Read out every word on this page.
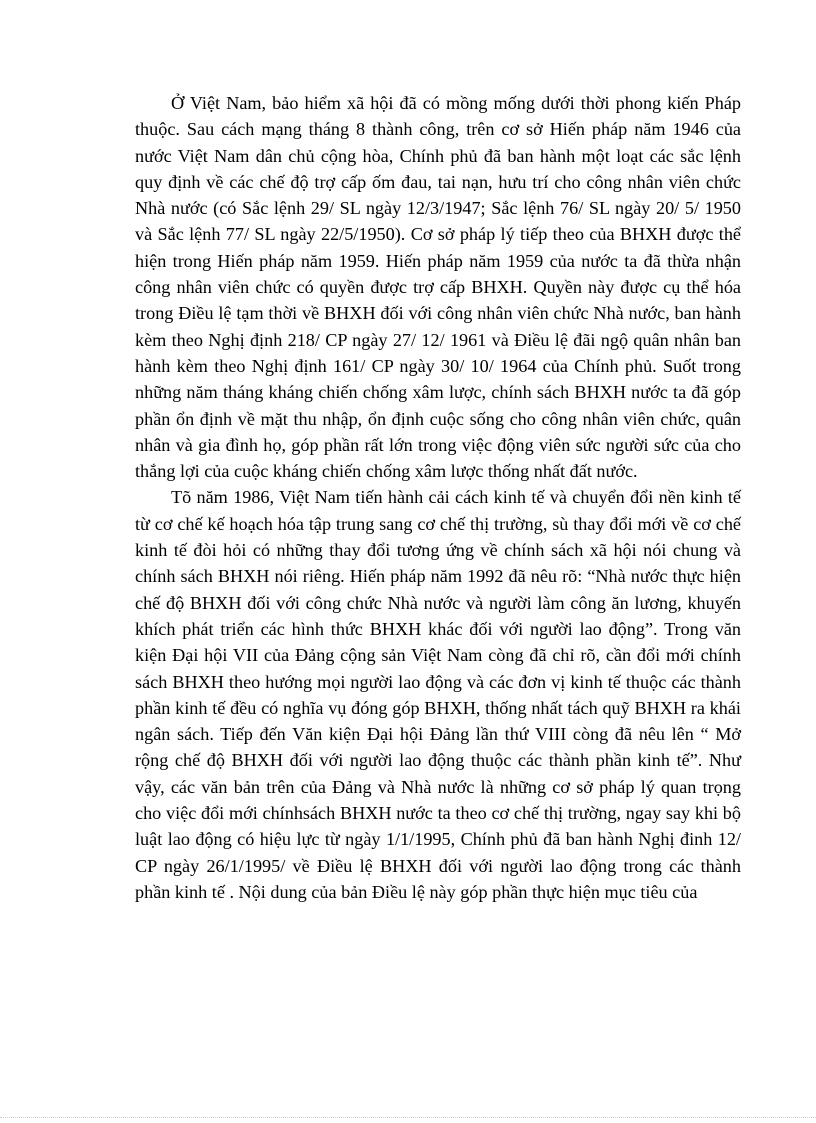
Ở Việt Nam, bảo hiểm xã hội đã có mồng mống dưới thời phong kiến Pháp thuộc. Sau cách mạng tháng 8 thành công, trên cơ sở Hiến pháp năm 1946 của nước Việt Nam dân chủ cộng hòa, Chính phủ đã ban hành một loạt các sắc lệnh quy định về các chế độ trợ cấp ốm đau, tai nạn, hưu trí cho công nhân viên chức Nhà nước (có Sắc lệnh 29/ SL ngày 12/3/1947; Sắc lệnh 76/ SL ngày 20/ 5/ 1950 và Sắc lệnh 77/ SL ngày 22/5/1950). Cơ sở pháp lý tiếp theo của BHXH được thể hiện trong Hiến pháp năm 1959. Hiến pháp năm 1959 của nước ta đã thừa nhận công nhân viên chức có quyền được trợ cấp BHXH. Quyền này được cụ thể hóa trong Điều lệ tạm thời về BHXH đối với công nhân viên chức Nhà nước, ban hành kèm theo Nghị định 218/ CP ngày 27/ 12/ 1961 và Điều lệ đãi ngộ quân nhân ban hành kèm theo Nghị định 161/ CP ngày 30/ 10/ 1964 của Chính phủ. Suốt trong những năm tháng kháng chiến chống xâm lược, chính sách BHXH nước ta đã góp phần ổn định về mặt thu nhập, ổn định cuộc sống cho công nhân viên chức, quân nhân và gia đình họ, góp phần rất lớn trong việc động viên sức người sức của cho thắng lợi của cuộc kháng chiến chống xâm lược thống nhất đất nước.

Tõ năm 1986, Việt Nam tiến hành cải cách kinh tế và chuyển đổi nền kinh tế từ cơ chế kế hoạch hóa tập trung sang cơ chế thị trường, sù thay đổi mới về cơ chế kinh tế đòi hỏi có những thay đổi tương ứng về chính sách xã hội nói chung và chính sách BHXH nói riêng. Hiến pháp năm 1992 đã nêu rõ: “Nhà nước thực hiện chế độ BHXH đối với công chức Nhà nước và người làm công ăn lương, khuyến khích phát triển các hình thức BHXH khác đối với người lao động”. Trong văn kiện Đại hội VII của Đảng cộng sản Việt Nam còng đã chỉ rõ, cần đổi mới chính sách BHXH theo hướng mọi người lao động và các đơn vị kinh tế thuộc các thành phần kinh tế đều có nghĩa vụ đóng góp BHXH, thống nhất tách quỹ BHXH ra khái ngân sách. Tiếp đến Văn kiện Đại hội Đảng lần thứ VIII còng đã nêu lên “ Mở rộng chế độ BHXH đối với người lao động thuộc các thành phần kinh tế”. Như vậy, các văn bản trên của Đảng và Nhà nước là những cơ sở pháp lý quan trọng cho việc đổi mới chínhsách BHXH nước ta theo cơ chế thị trường, ngay say khi bộ luật lao động có hiệu lực từ ngày 1/1/1995, Chính phủ đã ban hành Nghị đinh 12/ CP ngày 26/1/1995/ về Điều lệ BHXH đối với người lao động trong các thành phần kinh tế . Nội dung của bản Điều lệ này góp phần thực hiện mục tiêu của
